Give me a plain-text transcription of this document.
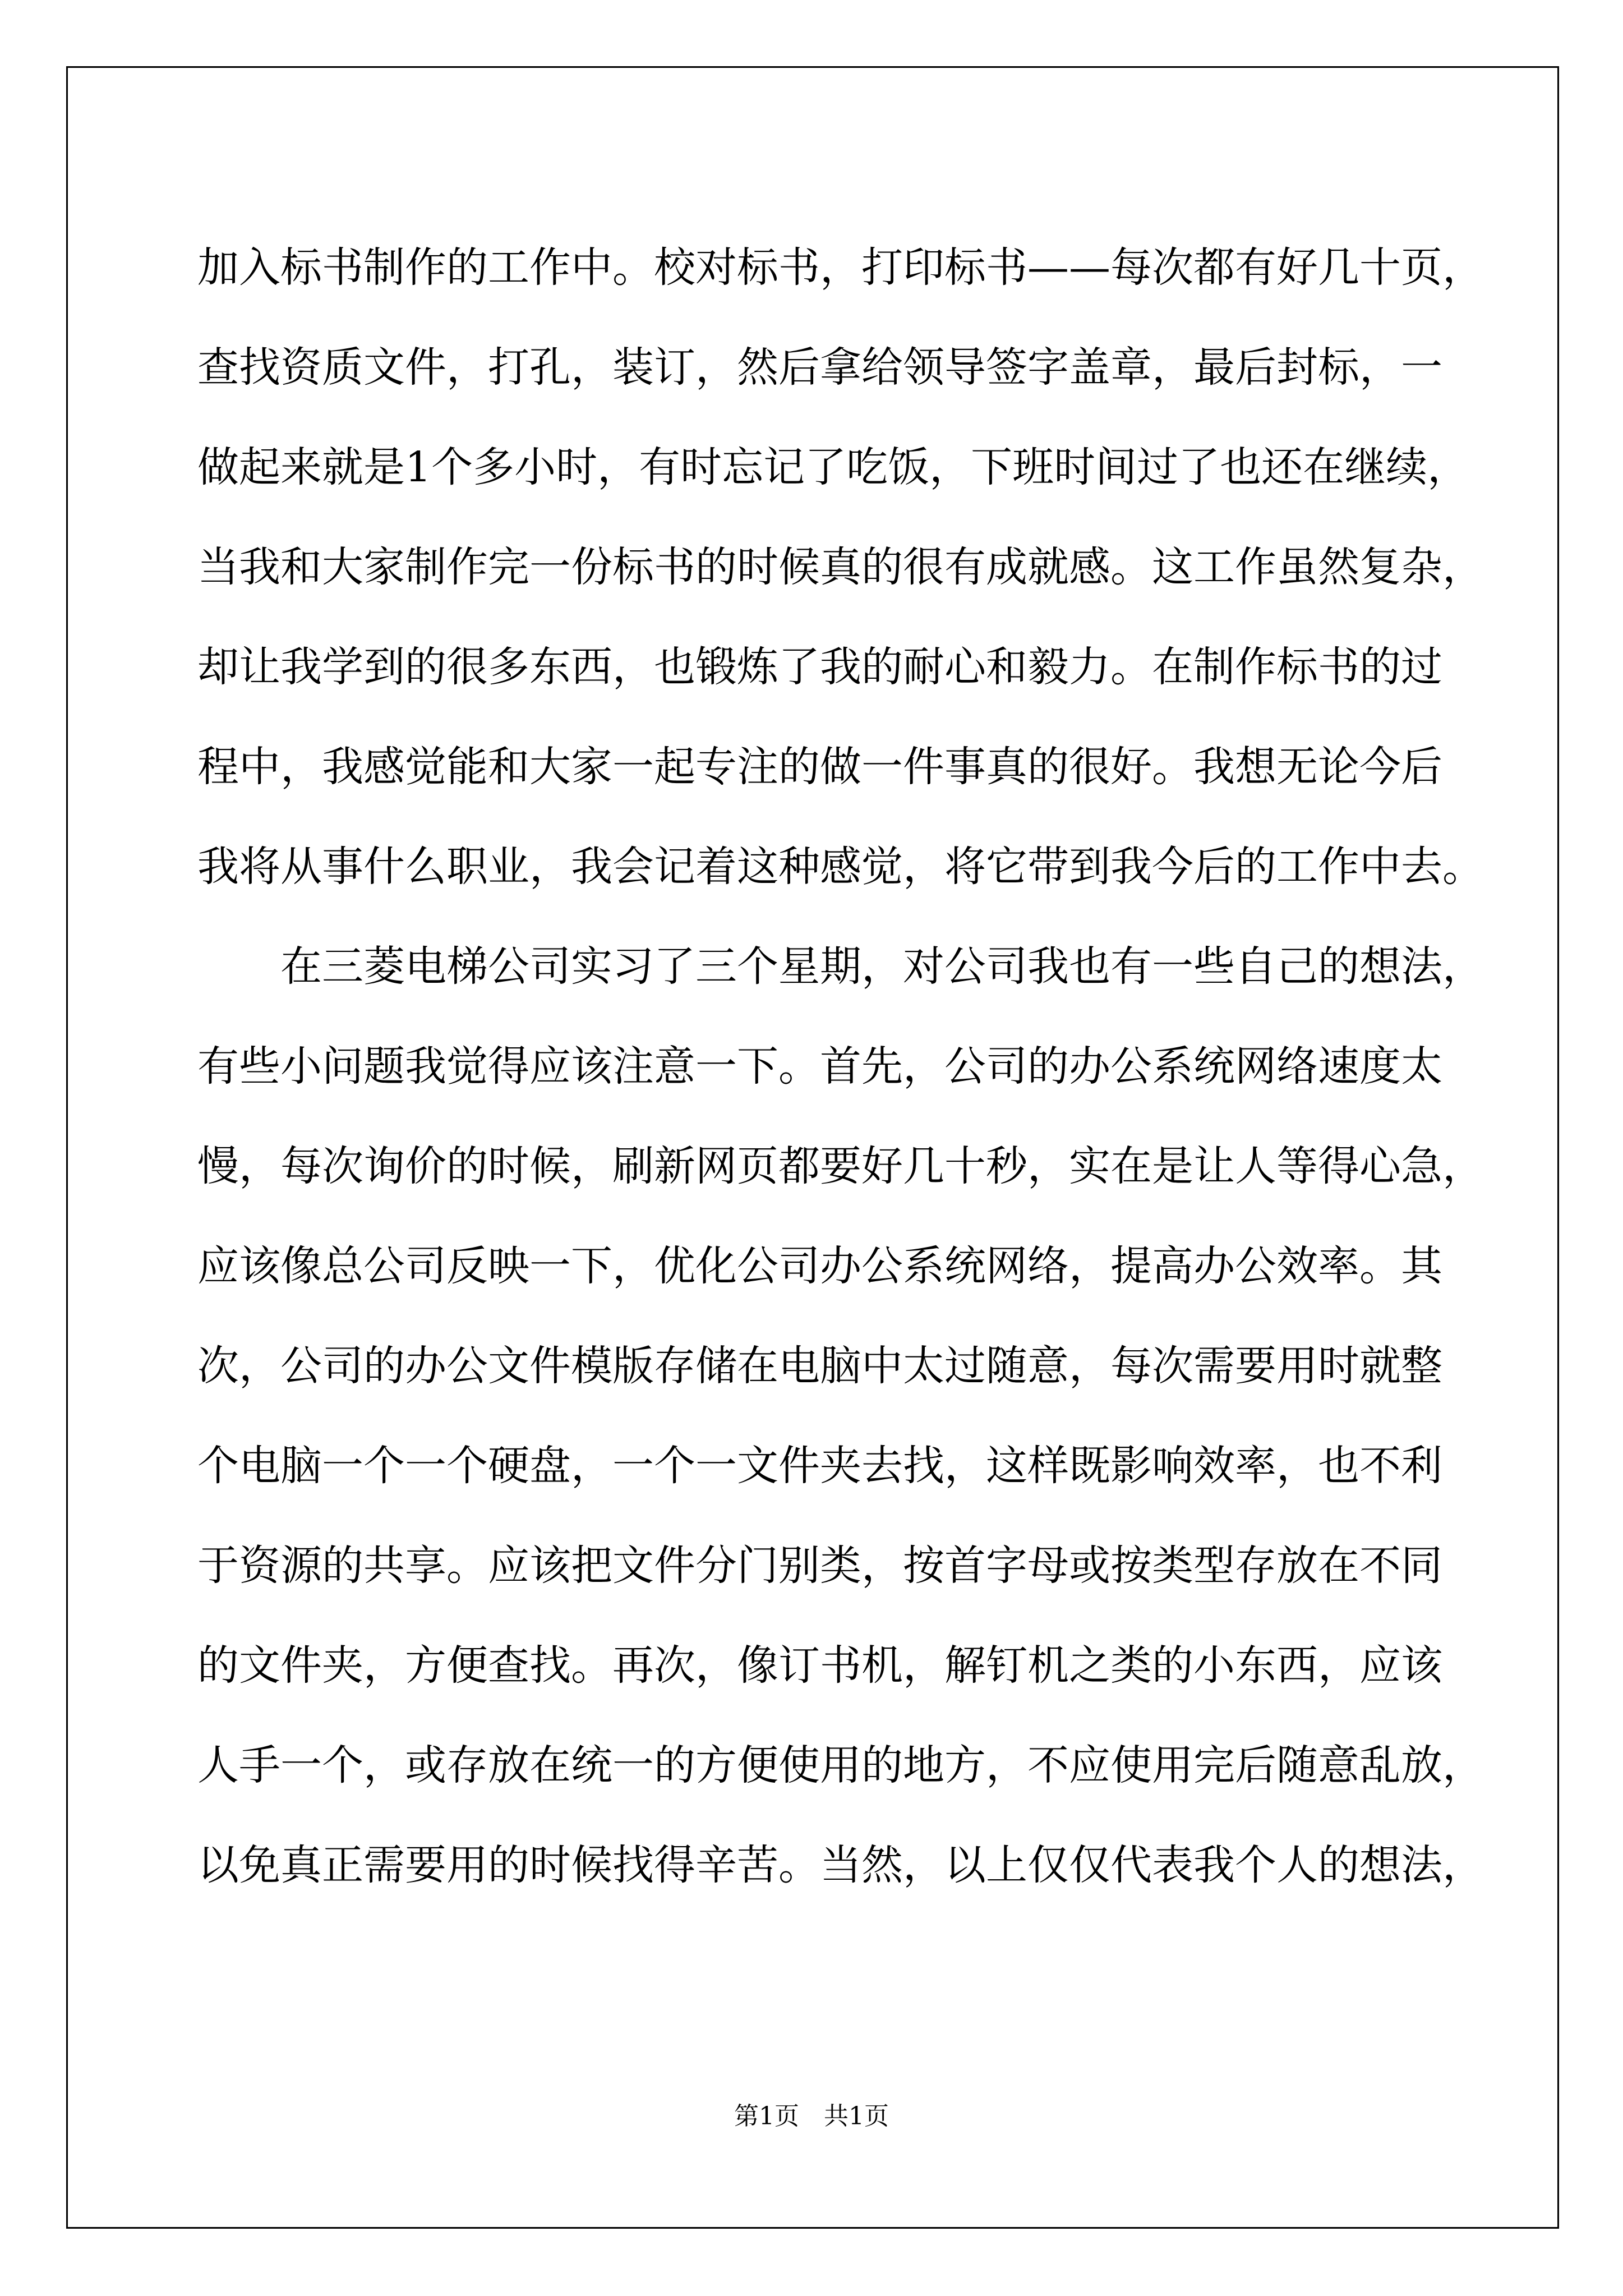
加入标书制作的工作中。校对标书，打印标书——每次都有好几十页，
查找资质文件，打孔，装订，然后拿给领导签字盖章，最后封标，一
做起来就是1个多小时，有时忘记了吃饭，下班时间过了也还在继续，
当我和大家制作完一份标书的时候真的很有成就感。这工作虽然复杂，
却让我学到的很多东西，也锻炼了我的耐心和毅力。在制作标书的过
程中，我感觉能和大家一起专注的做一件事真的很好。我想无论今后
我将从事什么职业，我会记着这种感觉，将它带到我今后的工作中去。
　　在三菱电梯公司实习了三个星期，对公司我也有一些自己的想法，
有些小问题我觉得应该注意一下。首先，公司的办公系统网络速度太
慢，每次询价的时候，刷新网页都要好几十秒，实在是让人等得心急，
应该像总公司反映一下，优化公司办公系统网络，提高办公效率。其
次，公司的办公文件模版存储在电脑中太过随意，每次需要用时就整
个电脑一个一个硬盘，一个一文件夹去找，这样既影响效率，也不利
于资源的共享。应该把文件分门别类，按首字母或按类型存放在不同
的文件夹，方便查找。再次，像订书机，解钉机之类的小东西，应该
人手一个，或存放在统一的方便使用的地方，不应使用完后随意乱放，
以免真正需要用的时候找得辛苦。当然，以上仅仅代表我个人的想法，
第1页　共1页
